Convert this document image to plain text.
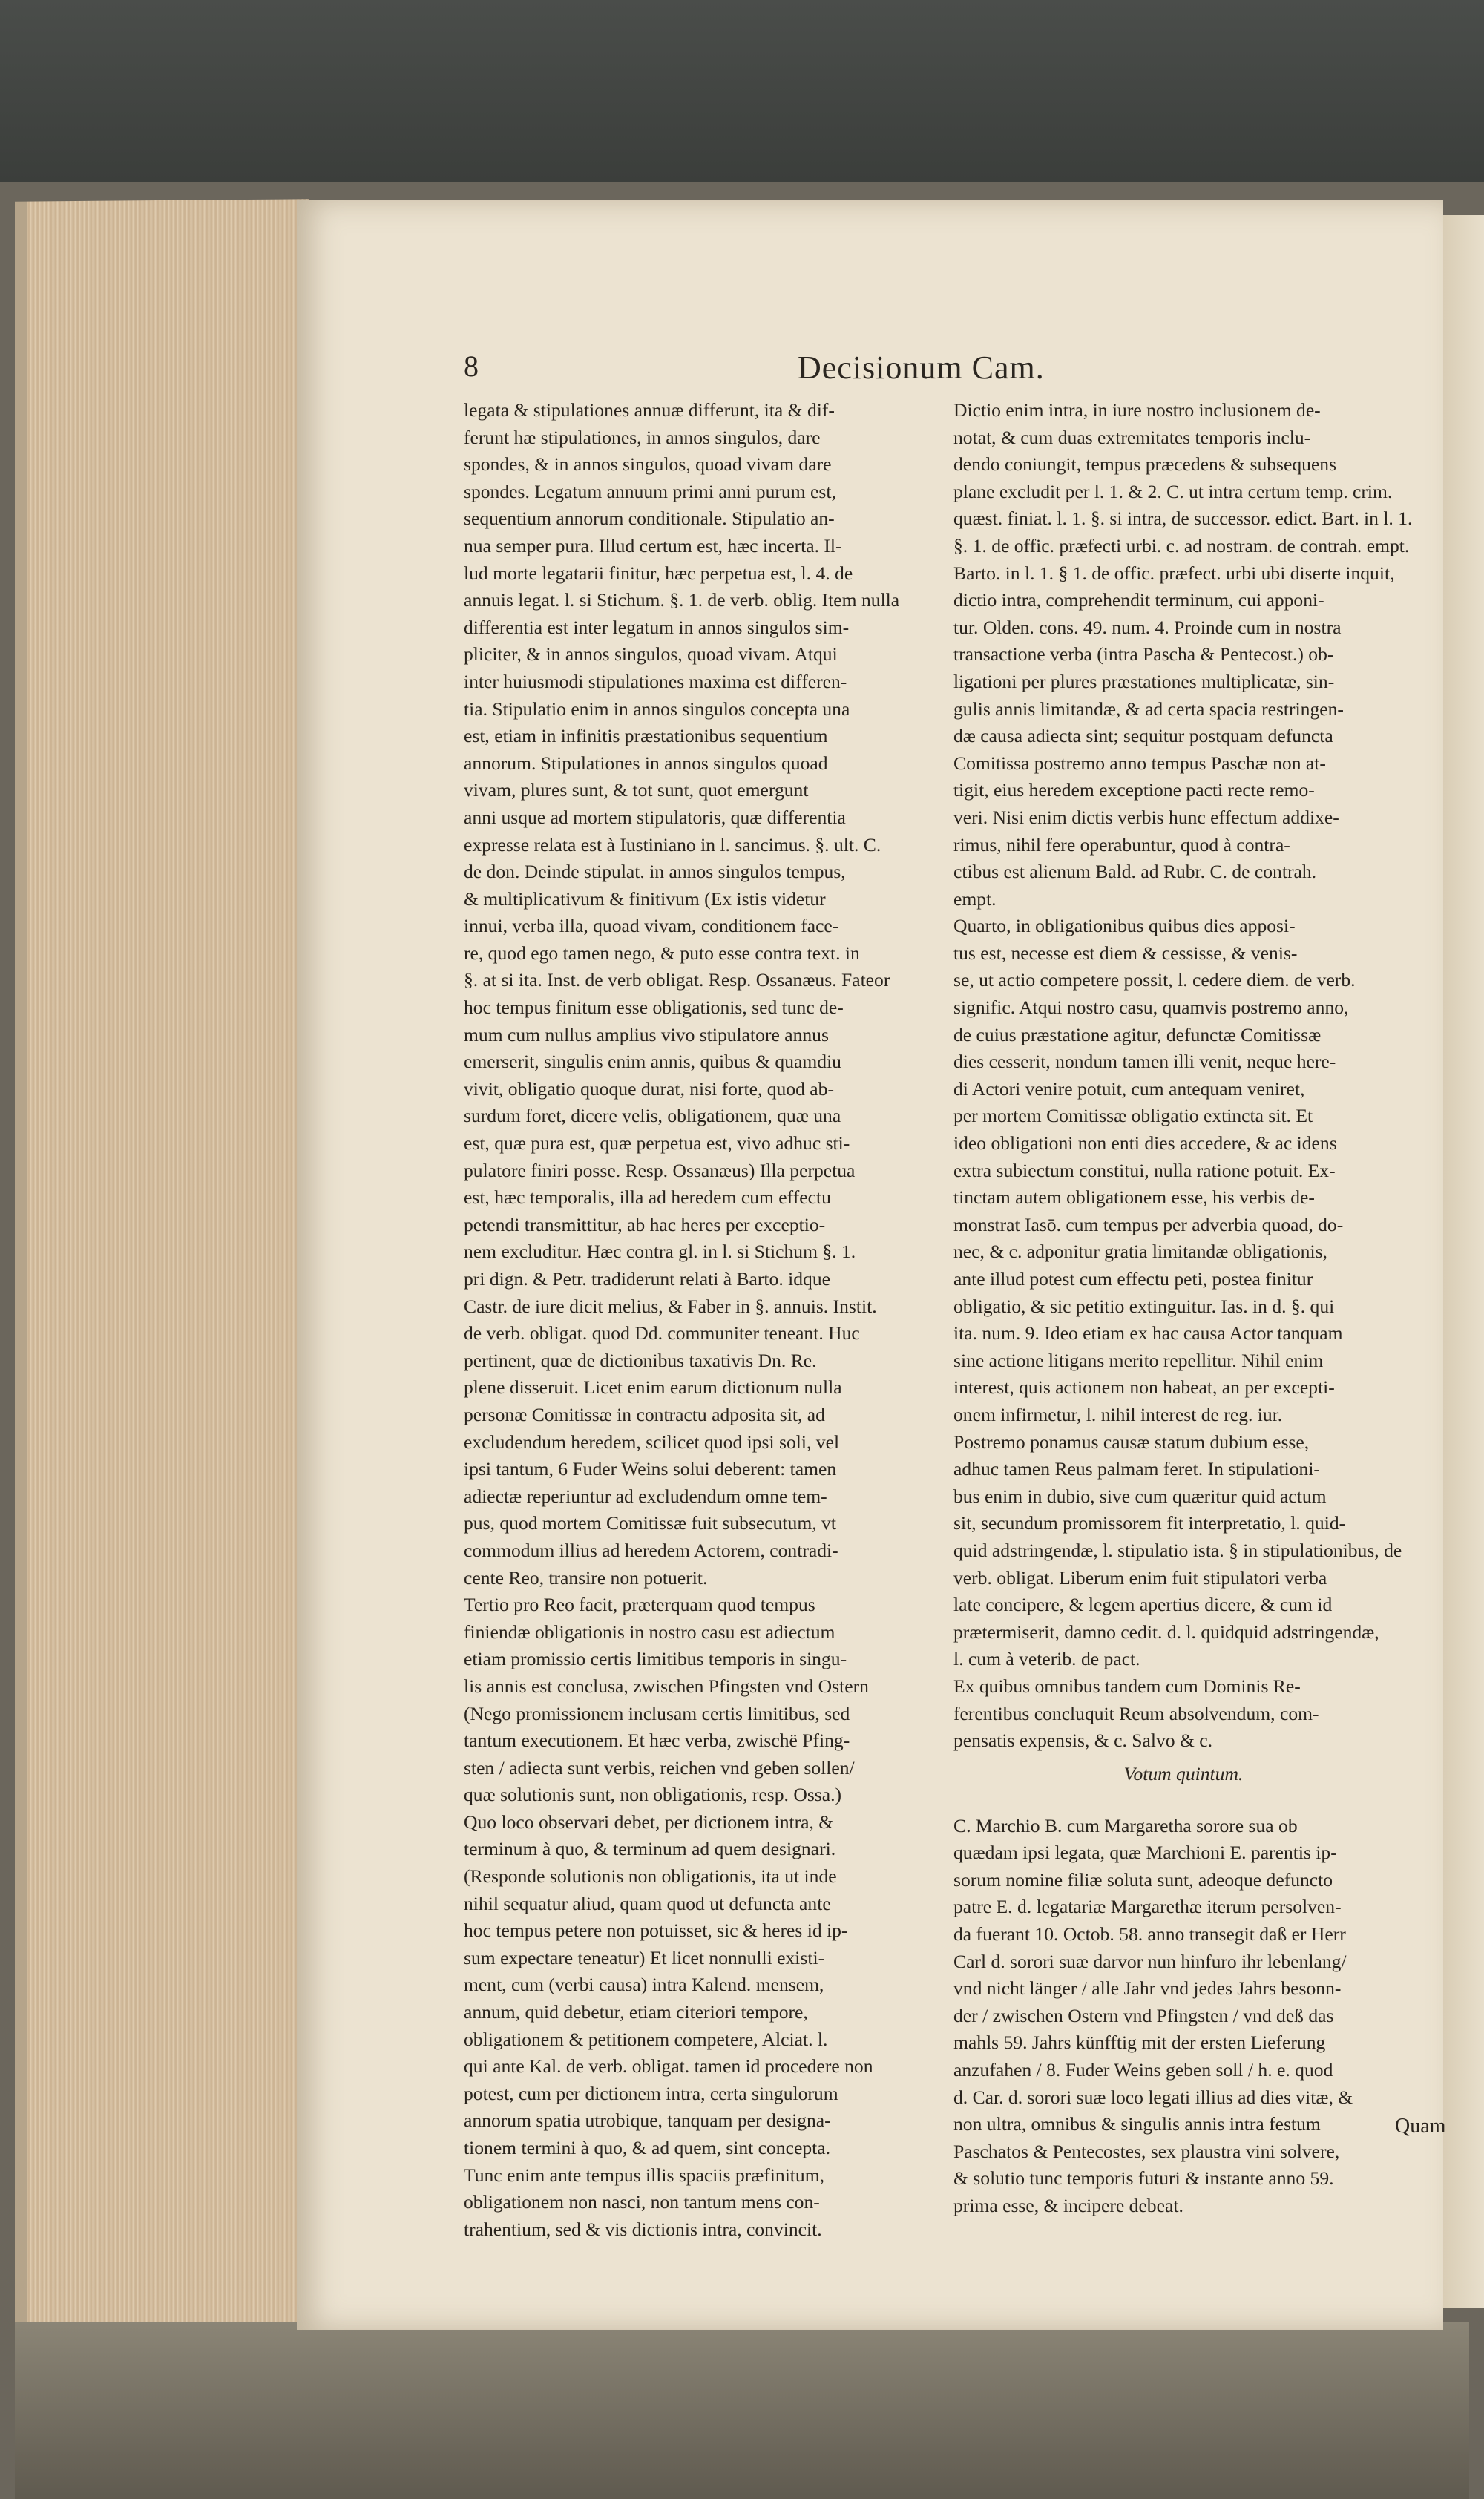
8	Decisionum Cam.
legata & stipulationes annuæ differunt, ita & dif-
ferunt hæ stipulationes, in annos singulos, dare
spondes, & in annos singulos, quoad vivam dare
spondes. Legatum annuum primi anni purum est,
sequentium annorum conditionale. Stipulatio an-
nua semper pura. Illud certum est, hæc incerta. Il-
lud morte legatarii finitur, hæc perpetua est, l. 4. de
annuis legat. l. si Stichum. §. 1. de verb. oblig. Item nulla
differentia est inter legatum in annos singulos sim-
pliciter, & in annos singulos, quoad vivam. Atqui
inter huiusmodi stipulationes maxima est differen-
tia. Stipulatio enim in annos singulos concepta una
est, etiam in infinitis præstationibus sequentium
annorum. Stipulationes in annos singulos quoad
vivam, plures sunt, & tot sunt, quot emergunt
anni usque ad mortem stipulatoris, quæ differentia
expresse relata est à Iustiniano in l. sancimus. §. ult. C.
de don. Deinde stipulat. in annos singulos tempus,
& multiplicativum & finitivum (Ex istis videtur
innui, verba illa, quoad vivam, conditionem face-
re, quod ego tamen nego, & puto esse contra text. in
§. at si ita. Inst. de verb obligat. Resp. Ossanæus. Fateor
hoc tempus finitum esse obligationis, sed tunc de-
mum cum nullus amplius vivo stipulatore annus
emerserit, singulis enim annis, quibus & quamdiu
vivit, obligatio quoque durat, nisi forte, quod ab-
surdum foret, dicere velis, obligationem, quæ una
est, quæ pura est, quæ perpetua est, vivo adhuc sti-
pulatore finiri posse. Resp. Ossanæus) Illa perpetua
est, hæc temporalis, illa ad heredem cum effectu
petendi transmittitur, ab hac heres per exceptio-
nem excluditur. Hæc contra gl. in l. si Stichum §. 1.
pri dign. & Petr. tradiderunt relati à Barto. idque
Castr. de iure dicit melius, & Faber in §. annuis. Instit.
de verb. obligat. quod Dd. communiter teneant. Huc
pertinent, quæ de dictionibus taxativis Dn. Re.
plene disseruit. Licet enim earum dictionum nulla
personæ Comitissæ in contractu adposita sit, ad
excludendum heredem, scilicet quod ipsi soli, vel
ipsi tantum, 6 Fuder Weins solui deberent: tamen
adiectæ reperiuntur ad excludendum omne tem-
pus, quod mortem Comitissæ fuit subsecutum, vt
commodum illius ad heredem Actorem, contradi-
cente Reo, transire non potuerit.
Tertio pro Reo facit, præterquam quod tempus
finiendæ obligationis in nostro casu est adiectum
etiam promissio certis limitibus temporis in singu-
lis annis est conclusa, zwischen Pfingsten vnd Ostern
(Nego promissionem inclusam certis limitibus, sed
tantum executionem. Et hæc verba, zwischë Pfing-
sten / adiecta sunt verbis, reichen vnd geben sollen/
quæ solutionis sunt, non obligationis, resp. Ossa.)
Quo loco observari debet, per dictionem intra, &
terminum à quo, & terminum ad quem designari.
(Responde solutionis non obligationis, ita ut inde
nihil sequatur aliud, quam quod ut defuncta ante
hoc tempus petere non potuisset, sic & heres id ip-
sum expectare teneatur) Et licet nonnulli existi-
ment, cum (verbi causa) intra Kalend. mensem,
annum, quid debetur, etiam citeriori tempore,
obligationem & petitionem competere, Alciat. l.
qui ante Kal. de verb. obligat. tamen id procedere non
potest, cum per dictionem intra, certa singulorum
annorum spatia utrobique, tanquam per designa-
tionem termini à quo, & ad quem, sint concepta.
Tunc enim ante tempus illis spaciis præfinitum,
obligationem non nasci, non tantum mens con-
trahentium, sed & vis dictionis intra, convincit.
Dictio enim intra, in iure nostro inclusionem de-
notat, & cum duas extremitates temporis inclu-
dendo coniungit, tempus præcedens & subsequens
plane excludit per l. 1. & 2. C. ut intra certum temp. crim.
quæst. finiat. l. 1. §. si intra, de successor. edict. Bart. in l. 1.
§. 1. de offic. præfecti urbi. c. ad nostram. de contrah. empt.
Barto. in l. 1. § 1. de offic. præfect. urbi ubi diserte inquit,
dictio intra, comprehendit terminum, cui apponi-
tur. Olden. cons. 49. num. 4. Proinde cum in nostra
transactione verba (intra Pascha & Pentecost.) ob-
ligationi per plures præstationes multiplicatæ, sin-
gulis annis limitandæ, & ad certa spacia restringen-
dæ causa adiecta sint; sequitur postquam defuncta
Comitissa postremo anno tempus Paschæ non at-
tigit, eius heredem exceptione pacti recte remo-
veri. Nisi enim dictis verbis hunc effectum addixe-
rimus, nihil fere operabuntur, quod à contra-
ctibus est alienum Bald. ad Rubr. C. de contrah.
empt.
Quarto, in obligationibus quibus dies apposi-
tus est, necesse est diem & cessisse, & venis-
se, ut actio competere possit, l. cedere diem. de verb.
signific. Atqui nostro casu, quamvis postremo anno,
de cuius præstatione agitur, defunctæ Comitissæ
dies cesserit, nondum tamen illi venit, neque here-
di Actori venire potuit, cum antequam veniret,
per mortem Comitissæ obligatio extincta sit. Et
ideo obligationi non enti dies accedere, & ac idens
extra subiectum constitui, nulla ratione potuit. Ex-
tinctam autem obligationem esse, his verbis de-
monstrat Iasō. cum tempus per adverbia quoad, do-
nec, & c. adponitur gratia limitandæ obligationis,
ante illud potest cum effectu peti, postea finitur
obligatio, & sic petitio extinguitur. Ias. in d. §. qui
ita. num. 9. Ideo etiam ex hac causa Actor tanquam
sine actione litigans merito repellitur. Nihil enim
interest, quis actionem non habeat, an per excepti-
onem infirmetur, l. nihil interest de reg. iur.
Postremo ponamus causæ statum dubium esse,
adhuc tamen Reus palmam feret. In stipulationi-
bus enim in dubio, sive cum quæritur quid actum
sit, secundum promissorem fit interpretatio, l. quid-
quid adstringendæ, l. stipulatio ista. § in stipulationibus, de
verb. obligat. Liberum enim fuit stipulatori verba
late concipere, & legem apertius dicere, & cum id
prætermiserit, damno cedit. d. l. quidquid adstringendæ,
l. cum à veterib. de pact.
Ex quibus omnibus tandem cum Dominis Re-
ferentibus concluquit Reum absolvendum, com-
pensatis expensis, & c. Salvo & c.
Votum quintum.
C. Marchio B. cum Margaretha sorore sua ob
quædam ipsi legata, quæ Marchioni E. parentis ip-
sorum nomine filiæ soluta sunt, adeoque defuncto
patre E. d. legatariæ Margarethæ iterum persolven-
da fuerant 10. Octob. 58. anno transegit daß er Herr
Carl d. sorori suæ darvor nun hinfuro ihr lebenlang/
vnd nicht länger / alle Jahr vnd jedes Jahrs besonn-
der / zwischen Ostern vnd Pfingsten / vnd deß das
mahls 59. Jahrs künfftig mit der ersten Lieferung
anzufahen / 8. Fuder Weins geben soll / h. e. quod
d. Car. d. sorori suæ loco legati illius ad dies vitæ, &
non ultra, omnibus & singulis annis intra festum
Paschatos & Pentecostes, sex plaustra vini solvere,
& solutio tunc temporis futuri & instante anno 59.
prima esse, & incipere debeat.
Quam
